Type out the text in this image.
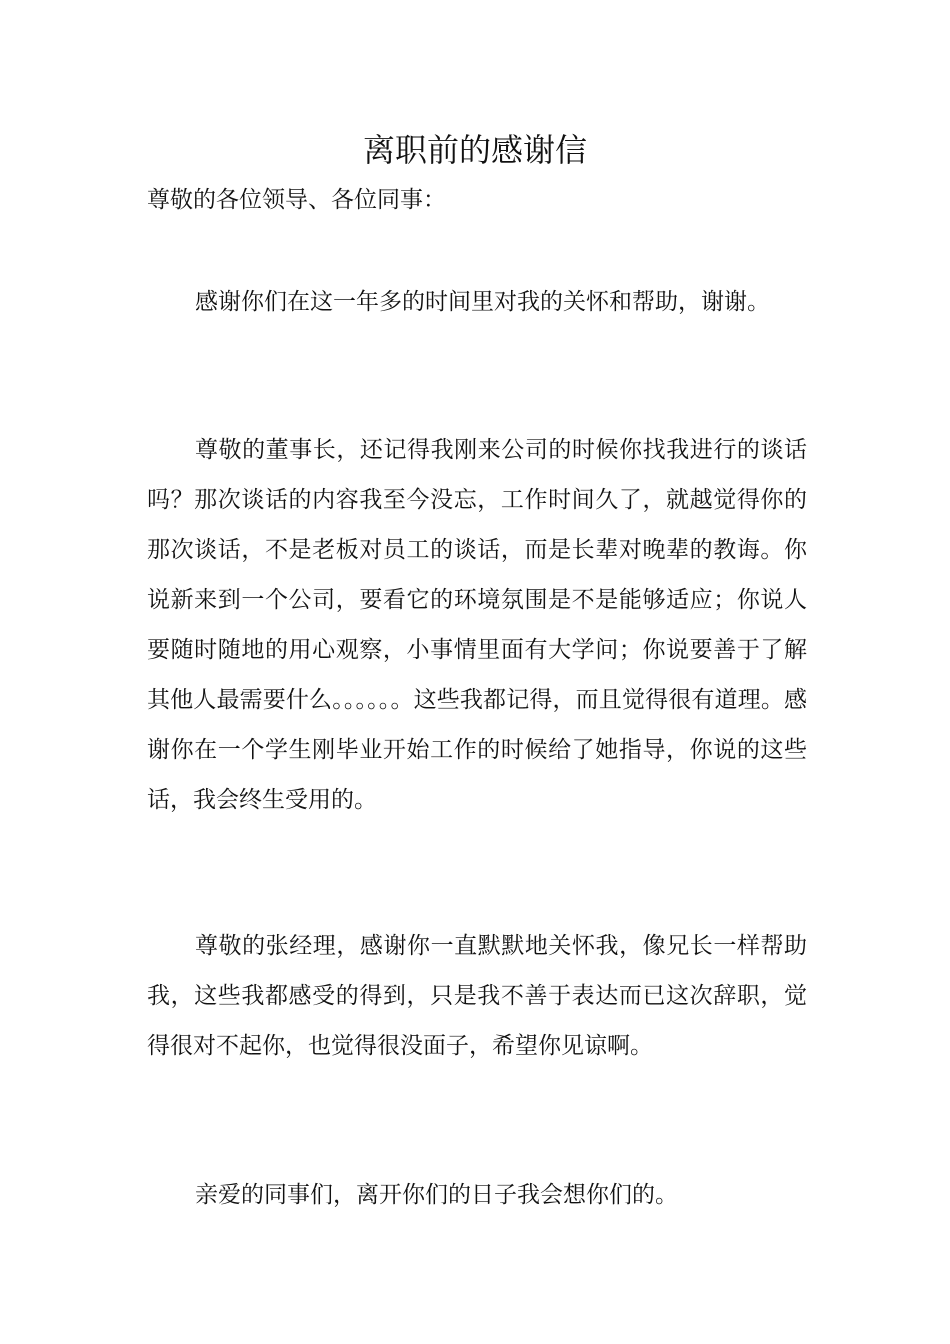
离职前的感谢信

尊敬的各位领导、各位同事：

感谢你们在这一年多的时间里对我的关怀和帮助，谢谢。

尊敬的董事长，还记得我刚来公司的时候你找我进行的谈话吗？那次谈话的内容我至今没忘，工作时间久了，就越觉得你的那次谈话，不是老板对员工的谈话，而是长辈对晚辈的教诲。你说新来到一个公司，要看它的环境氛围是不是能够适应；你说人要随时随地的用心观察，小事情里面有大学问；你说要善于了解其他人最需要什么。。。。。。这些我都记得，而且觉得很有道理。感谢你在一个学生刚毕业开始工作的时候给了她指导，你说的这些话，我会终生受用的。

尊敬的张经理，感谢你一直默默地关怀我，像兄长一样帮助我，这些我都感受的得到，只是我不善于表达而已这次辞职，觉得很对不起你，也觉得很没面子，希望你见谅啊。

亲爱的同事们，离开你们的日子我会想你们的。
